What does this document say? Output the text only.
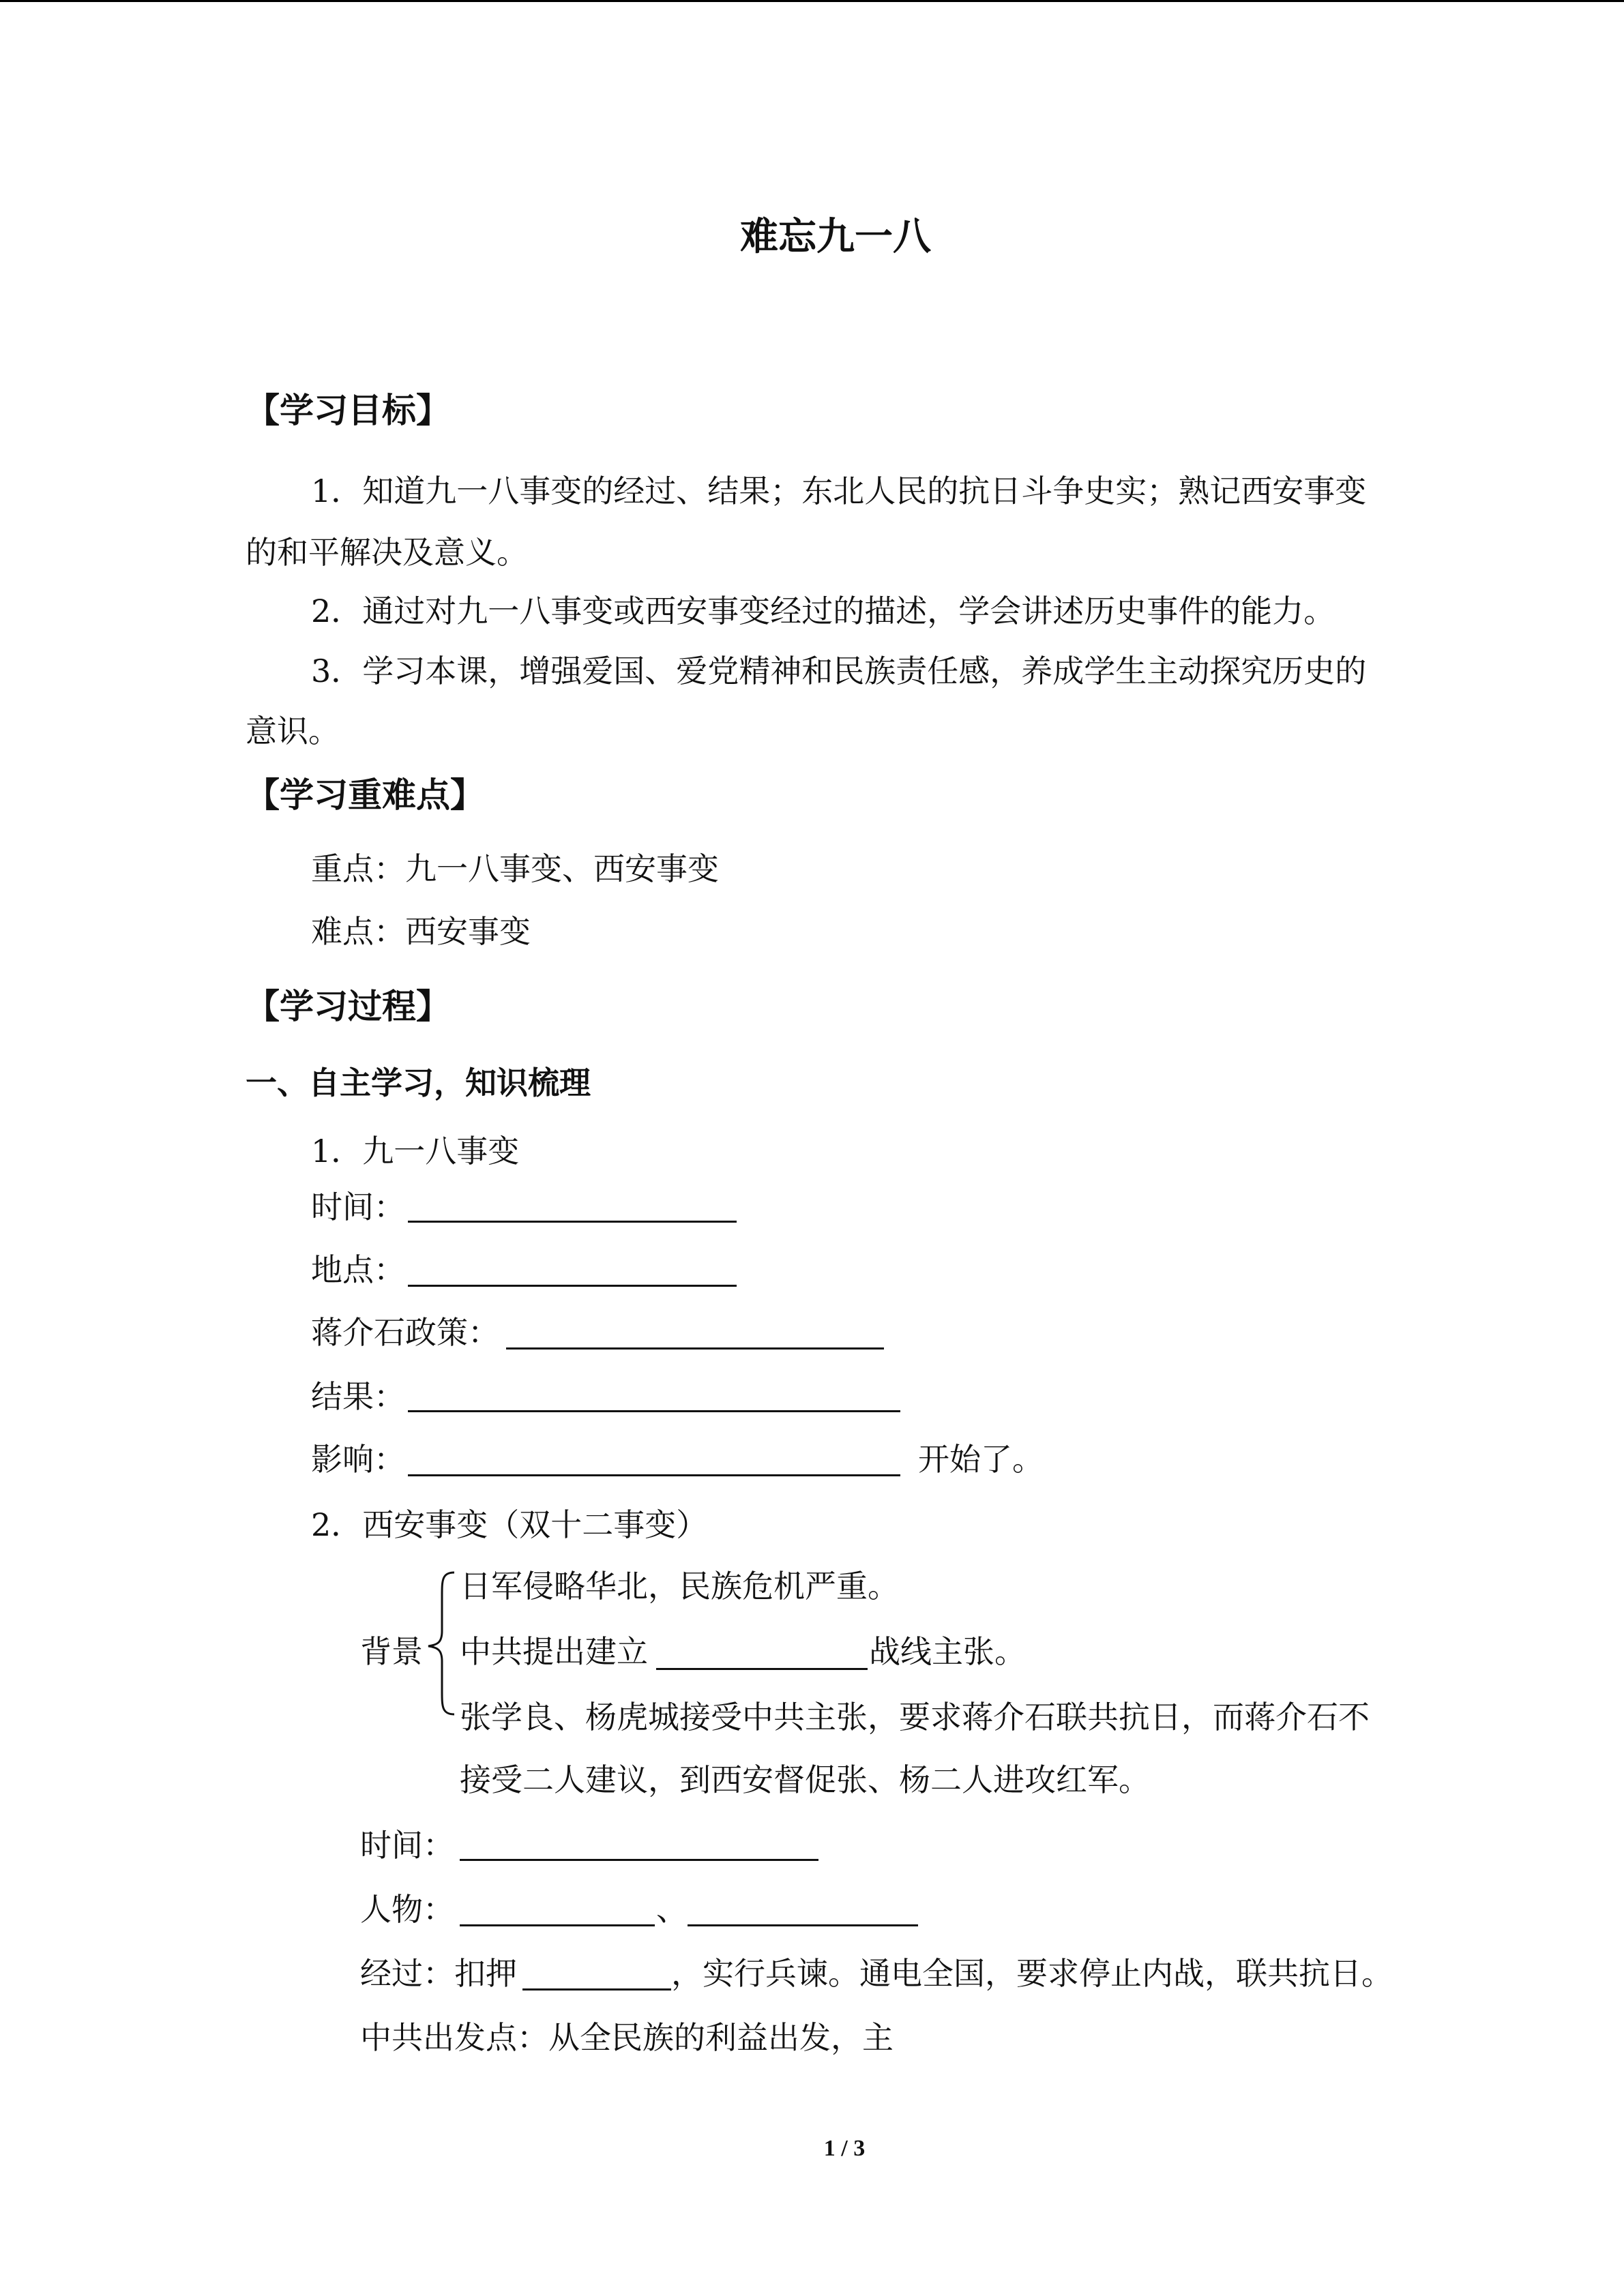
难忘九一八
【学习目标】
1．知道九一八事变的经过、结果；东北人民的抗日斗争史实；熟记西安事变
的和平解决及意义。
2．通过对九一八事变或西安事变经过的描述，学会讲述历史事件的能力。
3．学习本课，增强爱国、爱党精神和民族责任感，养成学生主动探究历史的
意识。
【学习重难点】
重点：九一八事变、西安事变
难点：西安事变
【学习过程】
一、自主学习，知识梳理
1．九一八事变
时间：
地点：
蒋介石政策：
结果：
影响：	开始了。
2．西安事变（双十二事变）
背景
日军侵略华北，民族危机严重。
中共提出建立	战线主张。
张学良、杨虎城接受中共主张，要求蒋介石联共抗日，而蒋介石不
接受二人建议，到西安督促张、杨二人进攻红军。
时间：
人物：	、
经过：扣押	，实行兵谏。通电全国，要求停止内战，联共抗日。
中共出发点：从全民族的利益出发，主
1 / 3
